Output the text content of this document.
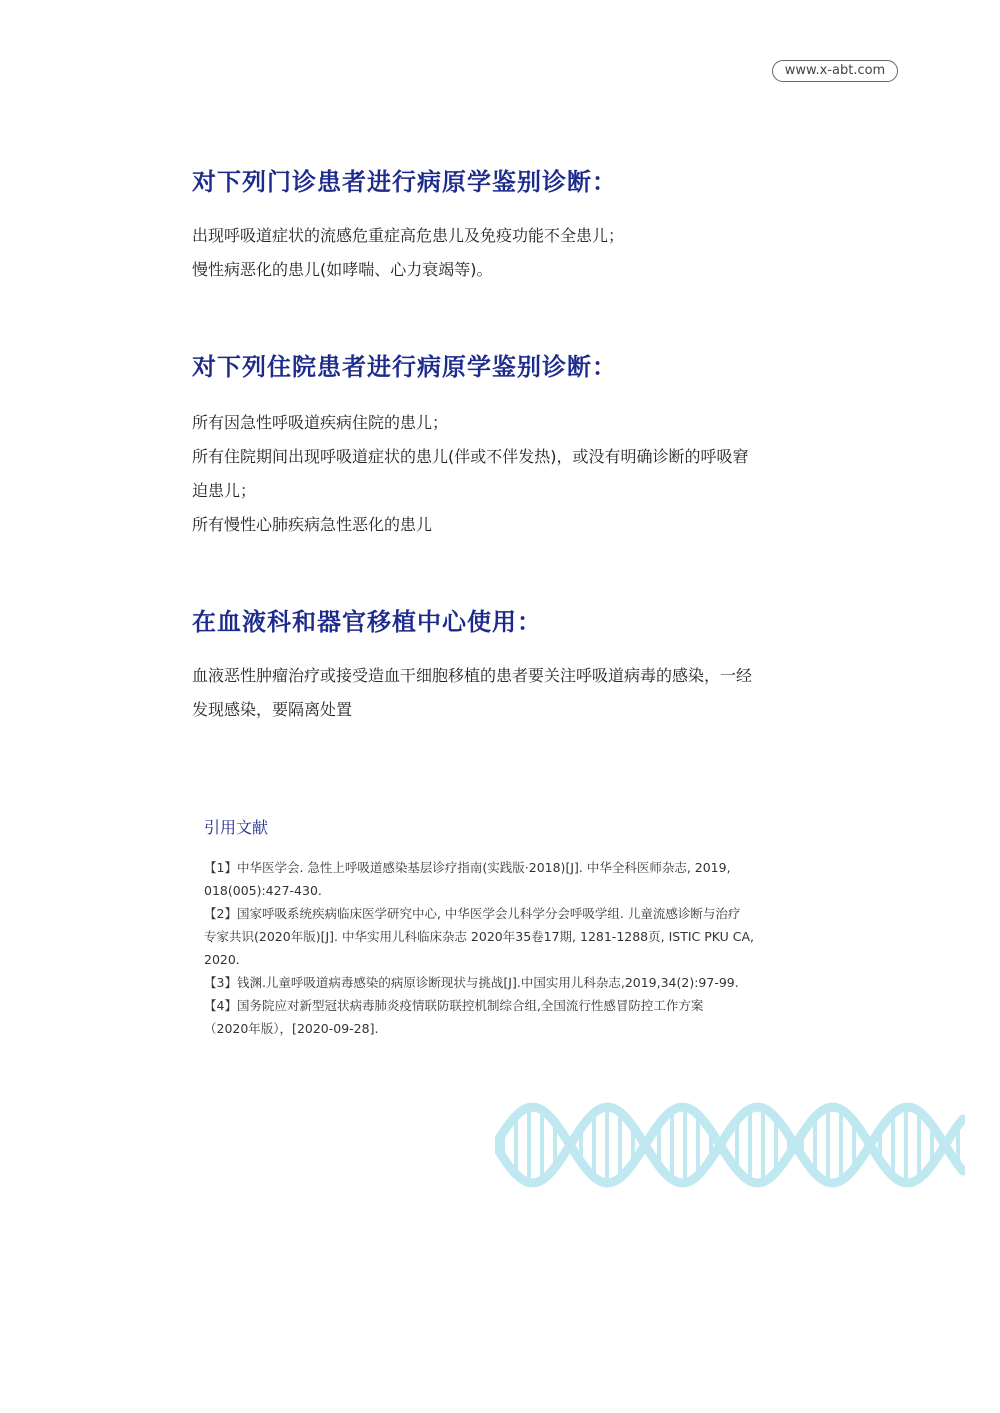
www.x-abt.com
对下列门诊患者进行病原学鉴别诊断：

出现呼吸道症状的流感危重症高危患儿及免疫功能不全患儿；

慢性病恶化的患儿(如哮喘、心力衰竭等)。

对下列住院患者进行病原学鉴别诊断：

所有因急性呼吸道疾病住院的患儿；

所有住院期间出现呼吸道症状的患儿(伴或不伴发热)，或没有明确诊断的呼吸窘

迫患儿；

所有慢性心肺疾病急性恶化的患儿

在血液科和器官移植中心使用：

血液恶性肿瘤治疗或接受造血干细胞移植的患者要关注呼吸道病毒的感染，一经

发现感染，要隔离处置

引用文献

【1】中华医学会. 急性上呼吸道感染基层诊疗指南(实践版·2018)[J]. 中华全科医师杂志, 2019,

018(005):427-430.

【2】国家呼吸系统疾病临床医学研究中心, 中华医学会儿科学分会呼吸学组. 儿童流感诊断与治疗

专家共识(2020年版)[J]. 中华实用儿科临床杂志 2020年35卷17期, 1281-1288页, ISTIC PKU CA,

2020.

【3】钱渊.儿童呼吸道病毒感染的病原诊断现状与挑战[J].中国实用儿科杂志,2019,34(2):97-99.

【4】国务院应对新型冠状病毒肺炎疫情联防联控机制综合组,全国流行性感冒防控工作方案

（2020年版），[2020-09-28].
